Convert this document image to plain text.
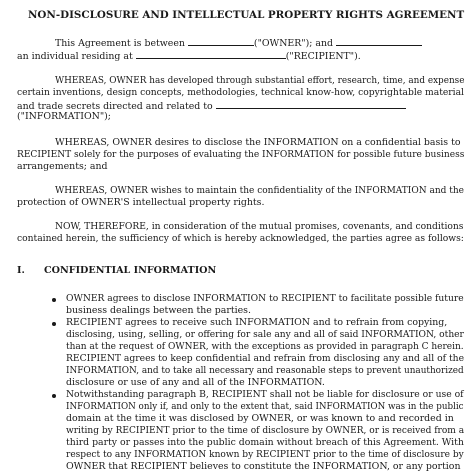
NON-DISCLOSURE AND INTELLECTUAL PROPERTY RIGHTS AGREEMENT
This Agreement is between	("OWNER"); and
an individual residing at	("RECIPIENT").
WHEREAS, OWNER has developed through substantial effort, research, time, and expense
certain inventions, design concepts, methodologies, technical know-how, copyrightable material
and trade secrets directed and related to
("INFORMATION");
WHEREAS, OWNER desires to disclose the INFORMATION on a confidential basis to
RECIPIENT solely for the purposes of evaluating the INFORMATION for possible future business
arrangements; and
WHEREAS, OWNER wishes to maintain the confidentiality of the INFORMATION and the
protection of OWNER'S intellectual property rights.
NOW, THEREFORE, in consideration of the mutual promises, covenants, and conditions
contained herein, the sufficiency of which is hereby acknowledged, the parties agree as follows:
I. CONFIDENTIAL INFORMATION
OWNER agrees to disclose INFORMATION to RECIPIENT to facilitate possible future
business dealings between the parties.
RECIPIENT agrees to receive such INFORMATION and to refrain from copying,
disclosing, using, selling, or offering for sale any and all of said INFORMATION, other
than at the request of OWNER, with the exceptions as provided in paragraph C herein.
RECIPIENT agrees to keep confidential and refrain from disclosing any and all of the
INFORMATION, and to take all necessary and reasonable steps to prevent unauthorized
disclosure or use of any and all of the INFORMATION.
Notwithstanding paragraph B, RECIPIENT shall not be liable for disclosure or use of
INFORMATION only if, and only to the extent that, said INFORMATION was in the public
domain at the time it was disclosed by OWNER, or was known to and recorded in
writing by RECIPIENT prior to the time of disclosure by OWNER, or is received from a
third party or passes into the public domain without breach of this Agreement. With
respect to any INFORMATION known by RECIPIENT prior to the time of disclosure by
OWNER that RECIPIENT believes to constitute the INFORMATION, or any portion
